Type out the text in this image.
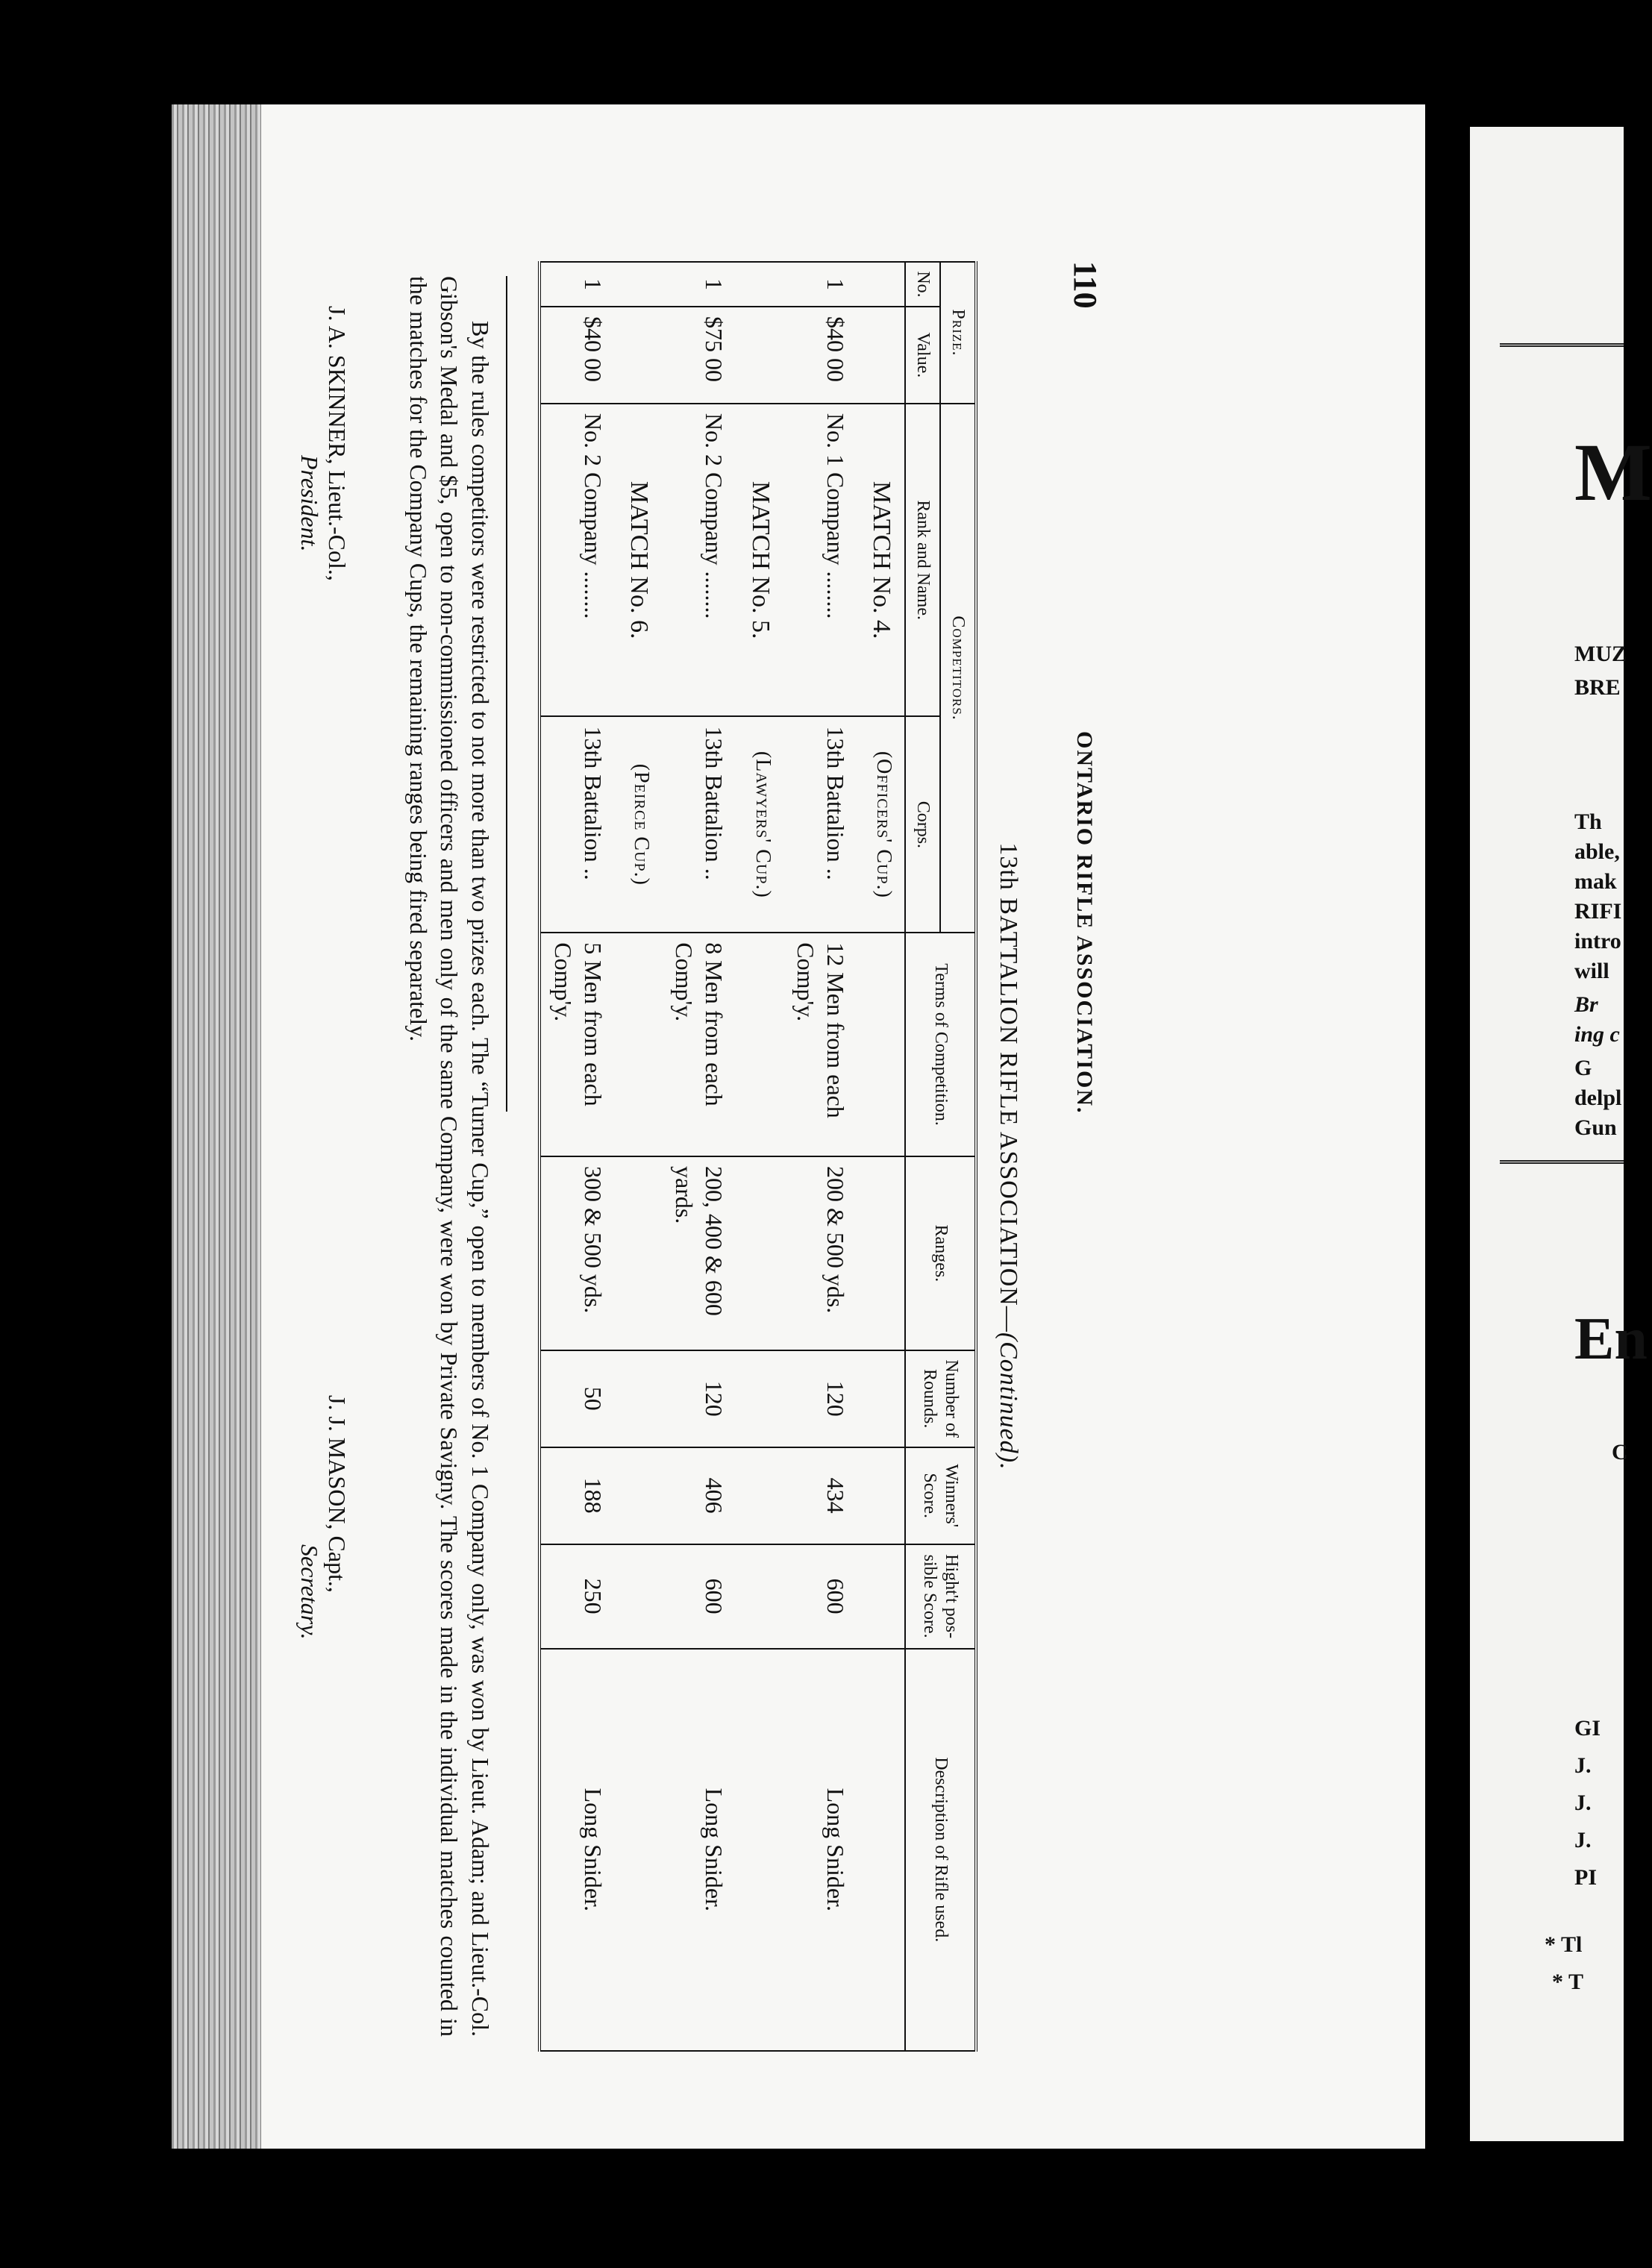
M
MUZ
BRE
Th
able,
mak
RIFI
intro
will
Br
ing c
G
delpl
Gun
En
C
GI
J.
J.
J.
PI
* Tl
* T
110
ONTARIO RIFLE ASSOCIATION.
13th BATTALION RIFLE ASSOCIATION—(Continued).
Prize.		Competitors.		Terms of Competition.	Ranges.	Number of Rounds.	Winners' Score.	Hight't pos-sible Score.	Description of Rifle used.
No.	Value.	Rank and Name.	Corps.						
		MATCH No. 4.	(Officers' Cup.)						
1	$40 00	No. 1 Company ........	13th Battalion ..	12 Men from each Comp'y.	200 & 500 yds.	120	434	600	Long Snider.
		MATCH No. 5.	(Lawyers' Cup.)						
1	$75 00	No. 2 Company ........	13th Battalion ..	8 Men from each Comp'y.	200, 400 & 600 yards.	120	406	600	Long Snider.
		MATCH No. 6.	(Peirce Cup.)						
1	$40 00	No. 2 Company ........	13th Battalion ..	5 Men from each Comp'y.	300 & 500 yds.	50	188	250	Long Snider.

By the rules competitors were restricted to not more than two prizes each. The “Turner Cup,” open to members of No. 1 Company only, was won by Lieut. Adam; and Lieut.-Col. Gibson's Medal and $5, open to non-commissioned officers and men only of the same Company, were won by Private Savigny. The scores made in the individual matches counted in the matches for the Company Cups, the remaining ranges being fired separately.

J. A. SKINNER, Lieut.-Col.,
President.
J. J. MASON, Capt.,
Secretary.
